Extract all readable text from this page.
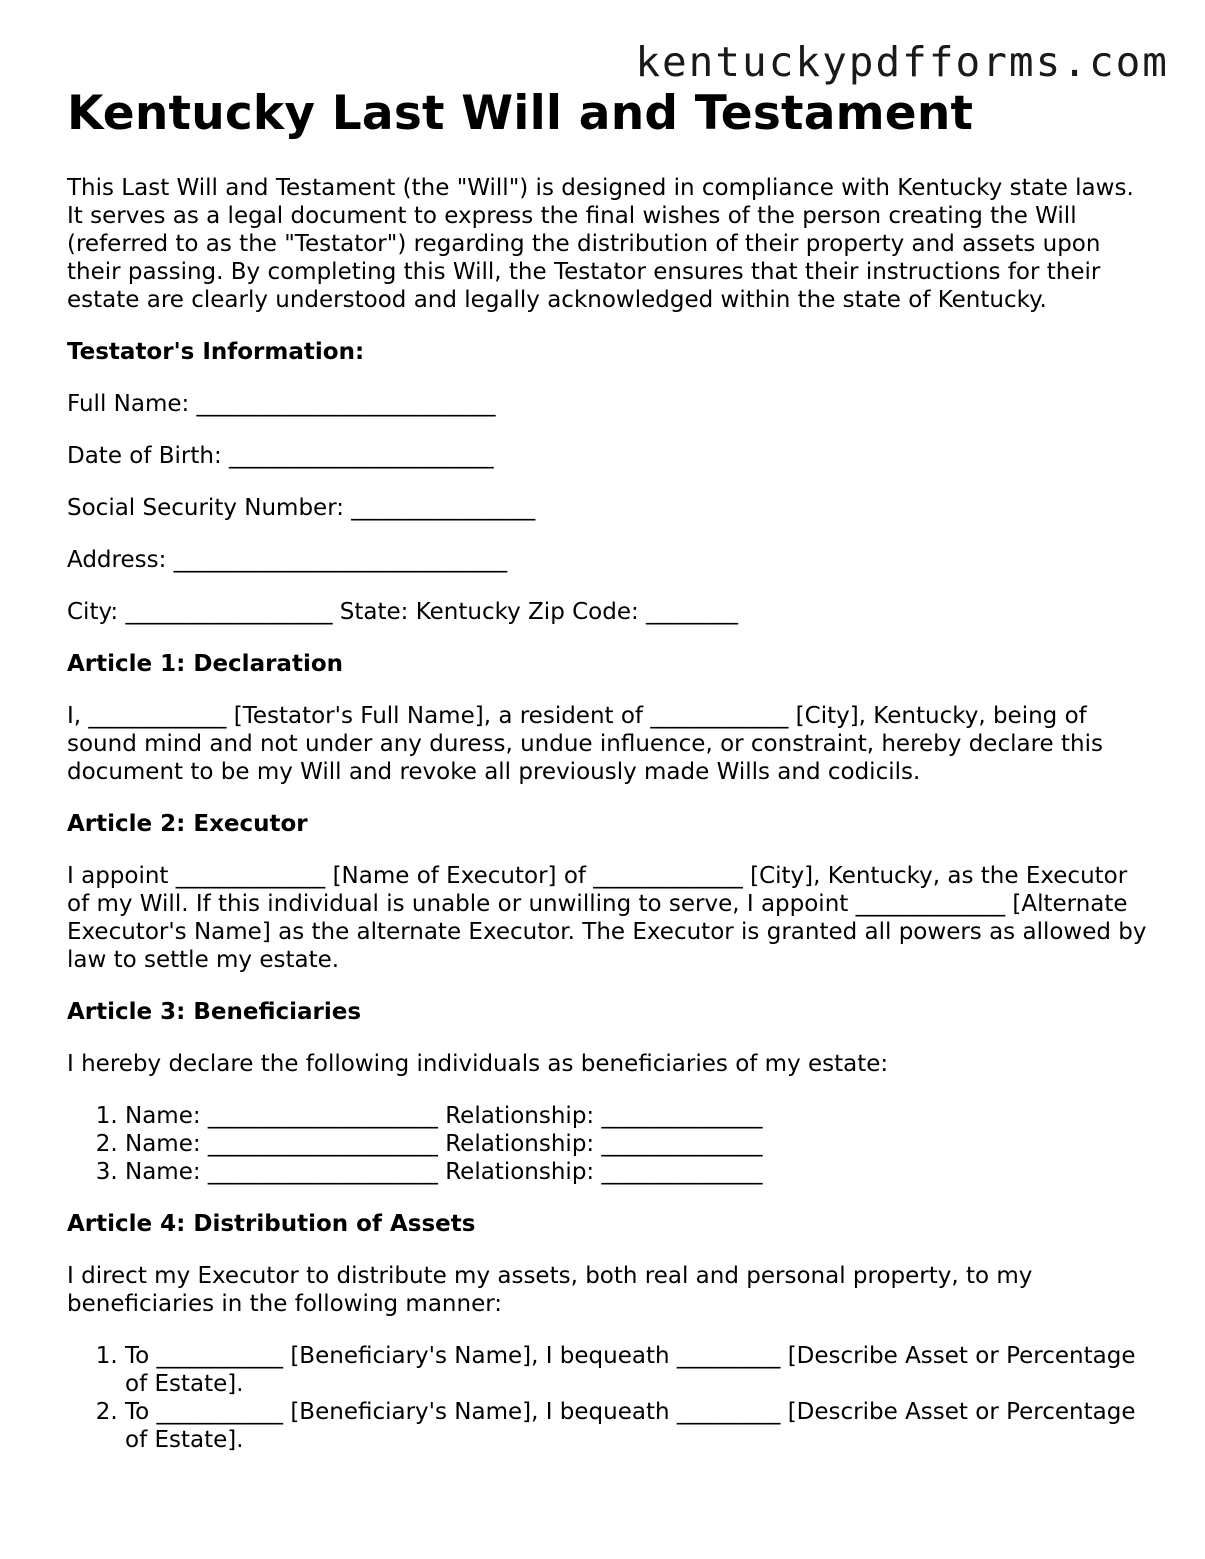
kentuckypdfforms.com
Kentucky Last Will and Testament

This Last Will and Testament (the "Will") is designed in compliance with Kentucky state laws. It serves as a legal document to express the final wishes of the person creating the Will (referred to as the "Testator") regarding the distribution of their property and assets upon their passing. By completing this Will, the Testator ensures that their instructions for their estate are clearly understood and legally acknowledged within the state of Kentucky.

Testator's Information:

Full Name: __________________________

Date of Birth: _______________________

Social Security Number: ________________

Address: _____________________________

City: __________________ State: Kentucky Zip Code: ________

Article 1: Declaration

I, ____________ [Testator's Full Name], a resident of ____________ [City], Kentucky, being of sound mind and not under any duress, undue influence, or constraint, hereby declare this document to be my Will and revoke all previously made Wills and codicils.

Article 2: Executor

I appoint _____________ [Name of Executor] of _____________ [City], Kentucky, as the Executor of my Will. If this individual is unable or unwilling to serve, I appoint _____________ [Alternate Executor's Name] as the alternate Executor. The Executor is granted all powers as allowed by law to settle my estate.

Article 3: Beneficiaries

I hereby declare the following individuals as beneficiaries of my estate:

1. Name: ____________________ Relationship: ______________
2. Name: ____________________ Relationship: ______________
3. Name: ____________________ Relationship: ______________
Article 4: Distribution of Assets

I direct my Executor to distribute my assets, both real and personal property, to my beneficiaries in the following manner:

1. To ___________ [Beneficiary's Name], I bequeath _________ [Describe Asset or Percentage of Estate].
2. To ___________ [Beneficiary's Name], I bequeath _________ [Describe Asset or Percentage of Estate].
